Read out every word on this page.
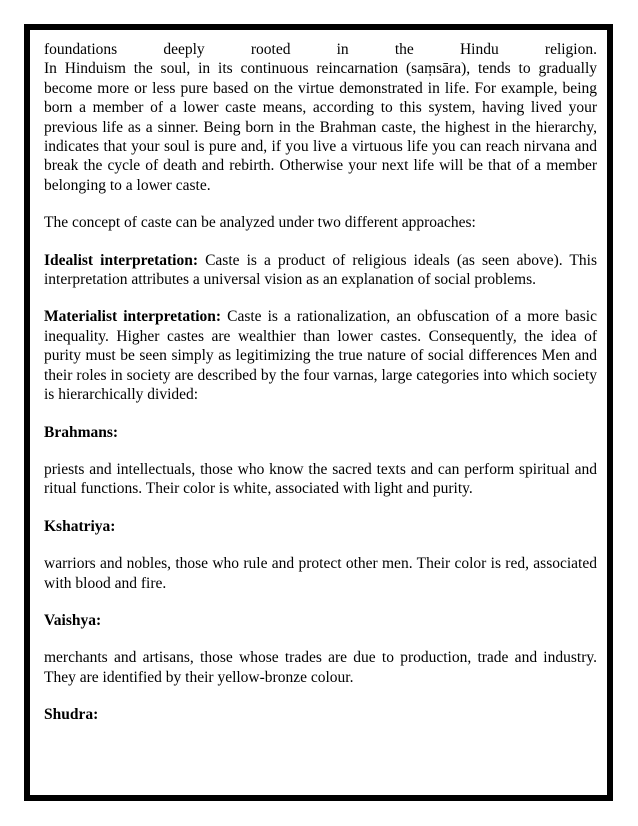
foundations deeply rooted in the Hindu religion.

In Hinduism the soul, in its continuous reincarnation (saṃsāra), tends to gradually become more or less pure based on the virtue demonstrated in life. For example, being born a member of a lower caste means, according to this system, having lived your previous life as a sinner. Being born in the Brahman caste, the highest in the hierarchy, indicates that your soul is pure and, if you live a virtuous life you can reach nirvana and break the cycle of death and rebirth. Otherwise your next life will be that of a member belonging to a lower caste.

The concept of caste can be analyzed under two different approaches:

Idealist interpretation: Caste is a product of religious ideals (as seen above). This interpretation attributes a universal vision as an explanation of social problems.

Materialist interpretation: Caste is a rationalization, an obfuscation of a more basic inequality. Higher castes are wealthier than lower castes. Consequently, the idea of purity must be seen simply as legitimizing the true nature of social differences Men and their roles in society are described by the four varnas, large categories into which society is hierarchically divided:

Brahmans:

priests and intellectuals, those who know the sacred texts and can perform spiritual and ritual functions. Their color is white, associated with light and purity.

Kshatriya:

warriors and nobles, those who rule and protect other men. Their color is red, associated with blood and fire.

Vaishya:

merchants and artisans, those whose trades are due to production, trade and industry. They are identified by their yellow-bronze colour.

Shudra:
